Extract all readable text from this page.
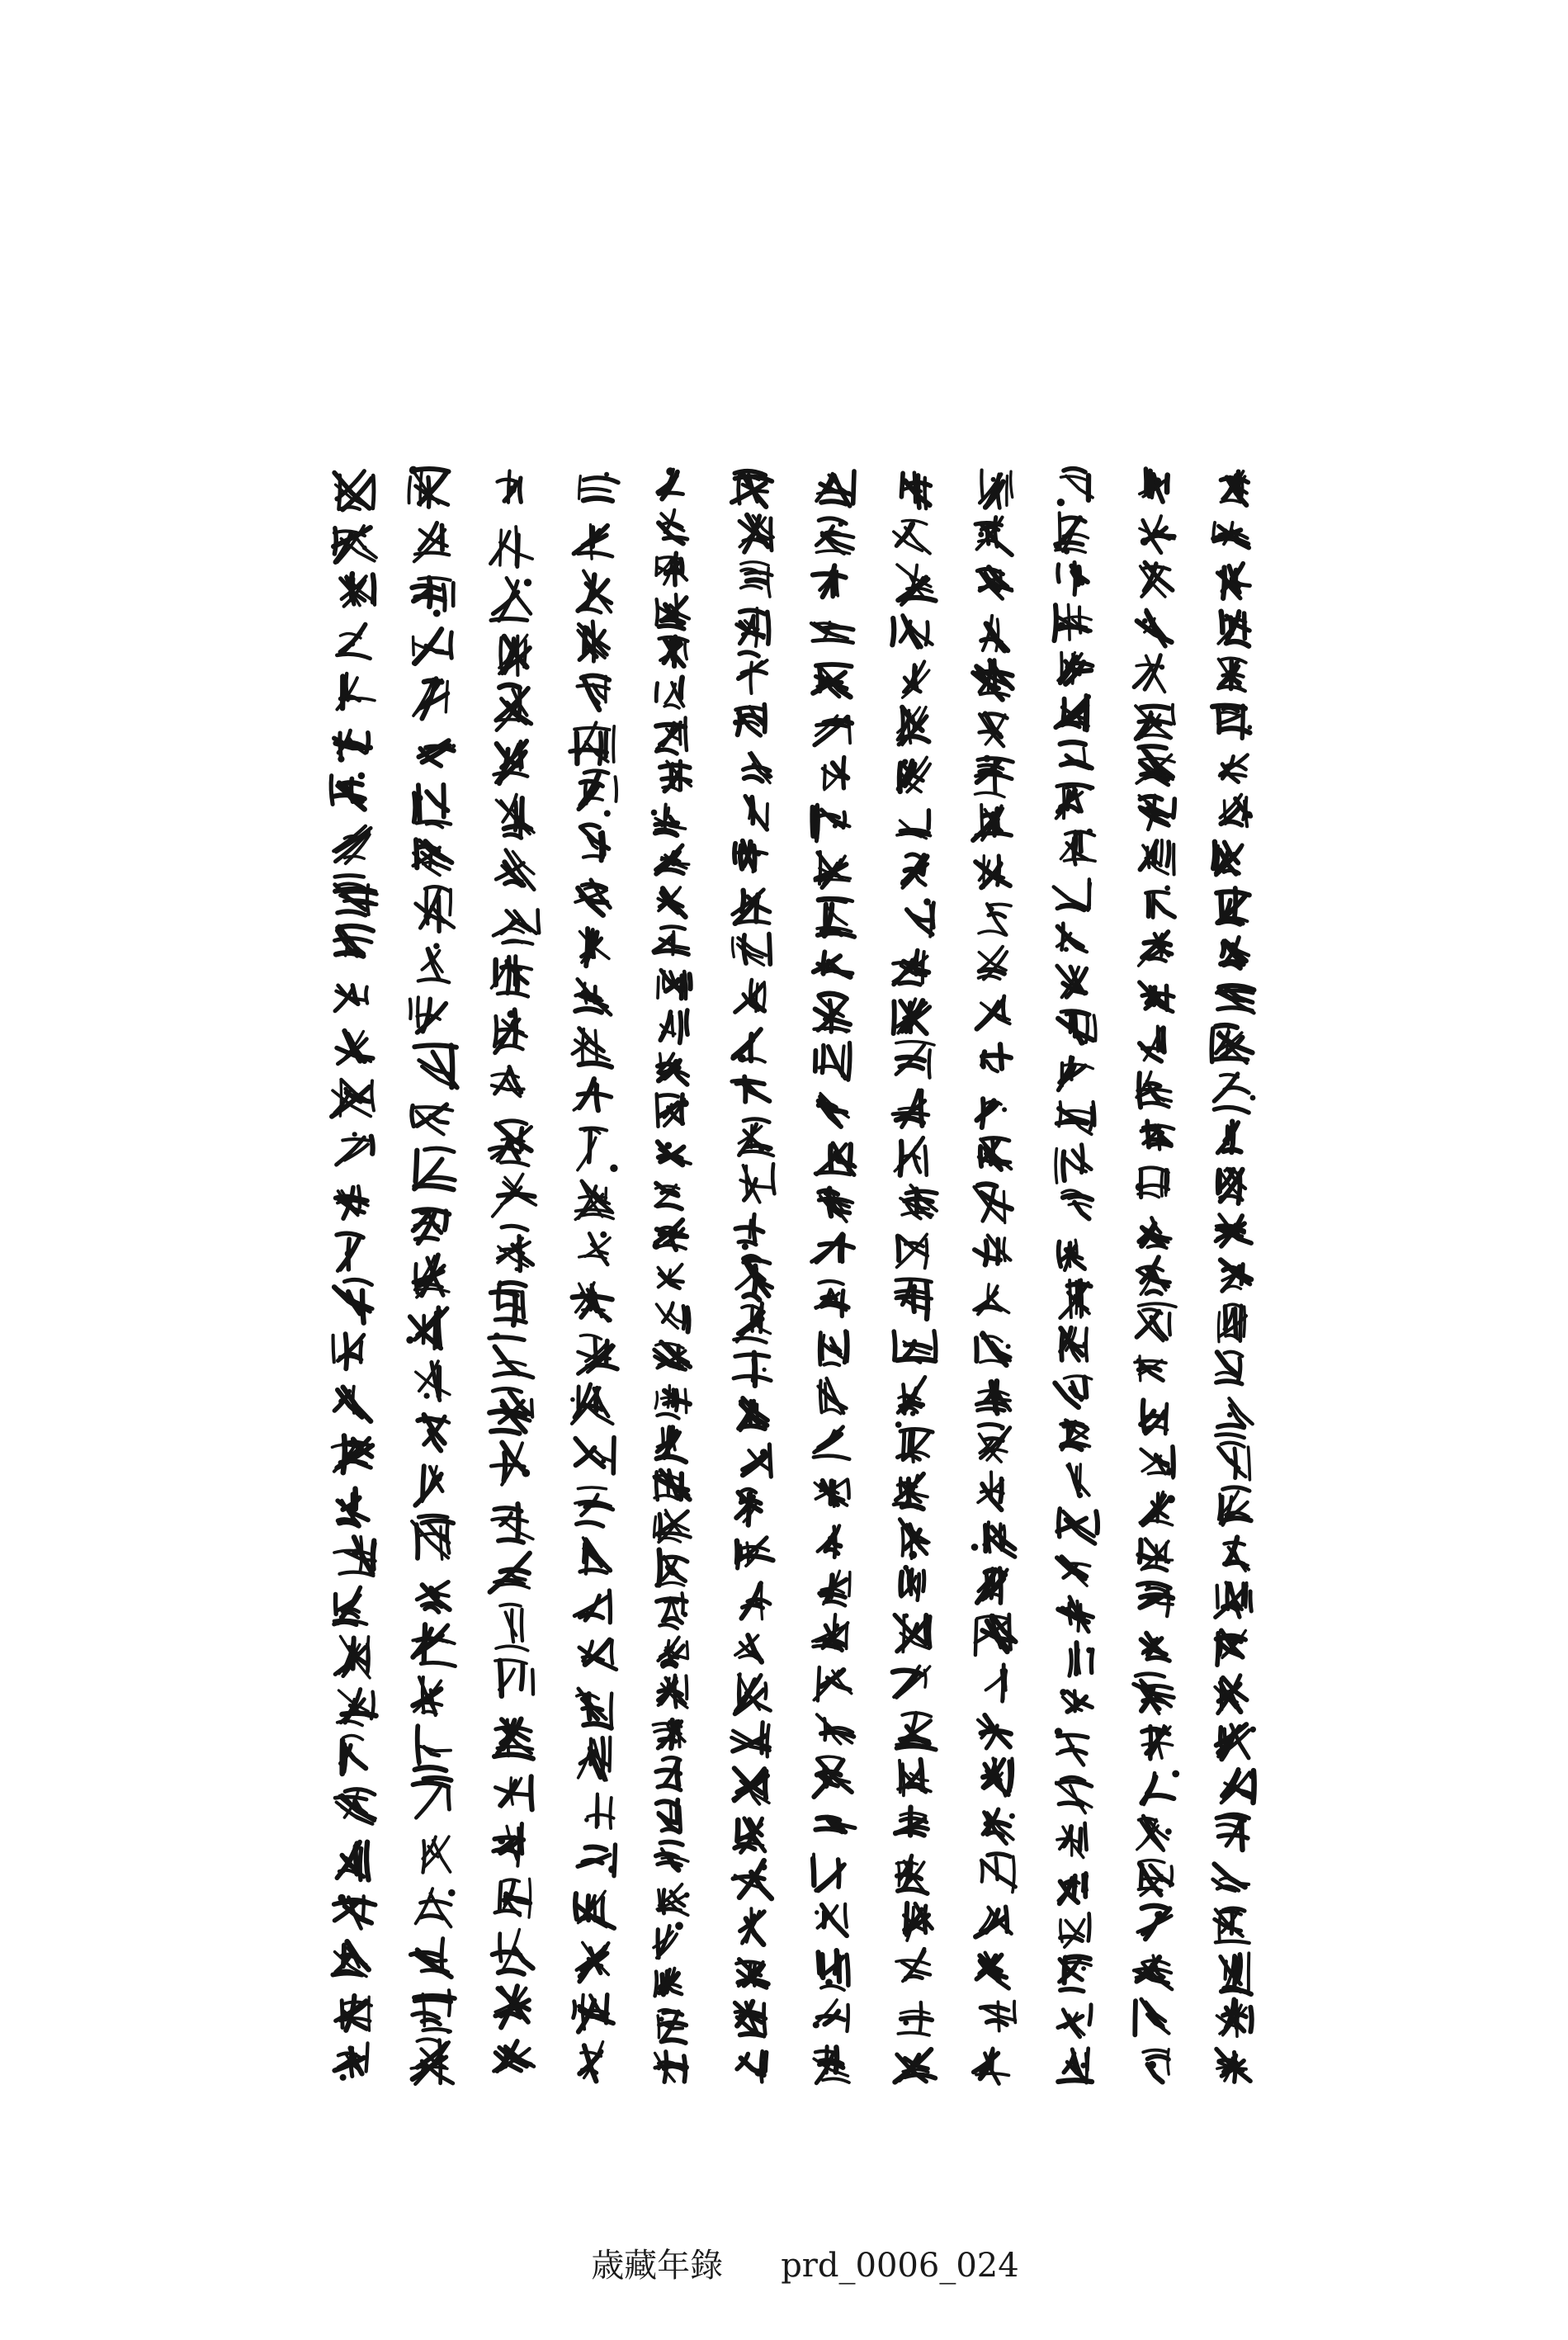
歳藏年錄 prd_0006_024
